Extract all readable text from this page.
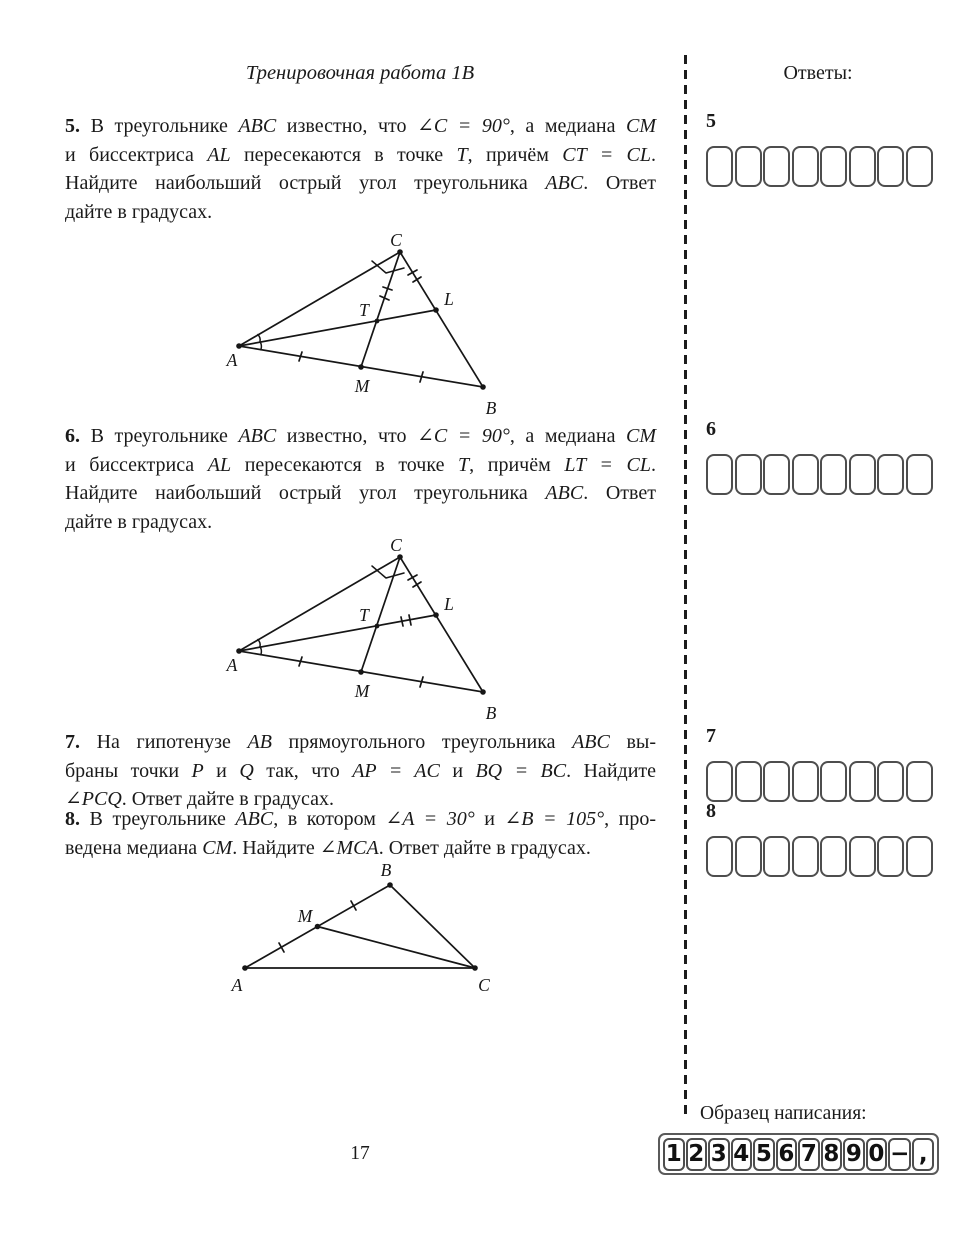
Тренировочная работа 1В	Ответы:
5. В треугольнике ABC известно, что ∠C = 90°, а медиана CM
и биссектриса AL пересекаются в точке T, причём CT = CL.
Найдите наибольший острый угол треугольника ABC. Ответ
дайте в градусах.
6. В треугольнике ABC известно, что ∠C = 90°, а медиана CM
и биссектриса AL пересекаются в точке T, причём LT = CL.
Найдите наибольший острый угол треугольника ABC. Ответ
дайте в градусах.
7. На гипотенузе AB прямоугольного треугольника ABC вы-
браны точки P и Q так, что AP = AC и BQ = BC. Найдите
∠PCQ. Ответ дайте в градусах.
8. В треугольнике ABC, в котором ∠A = 30° и ∠B = 105°, про-
ведена медиана CM. Найдите ∠MCA. Ответ дайте в градусах.
A
B
C
M
L
T
A
B
C
M
L
T
A
B
C
M
5
6
7
8
Образец написания:
1 2 3 4 5 6 7 8 9 0 − ,
17
